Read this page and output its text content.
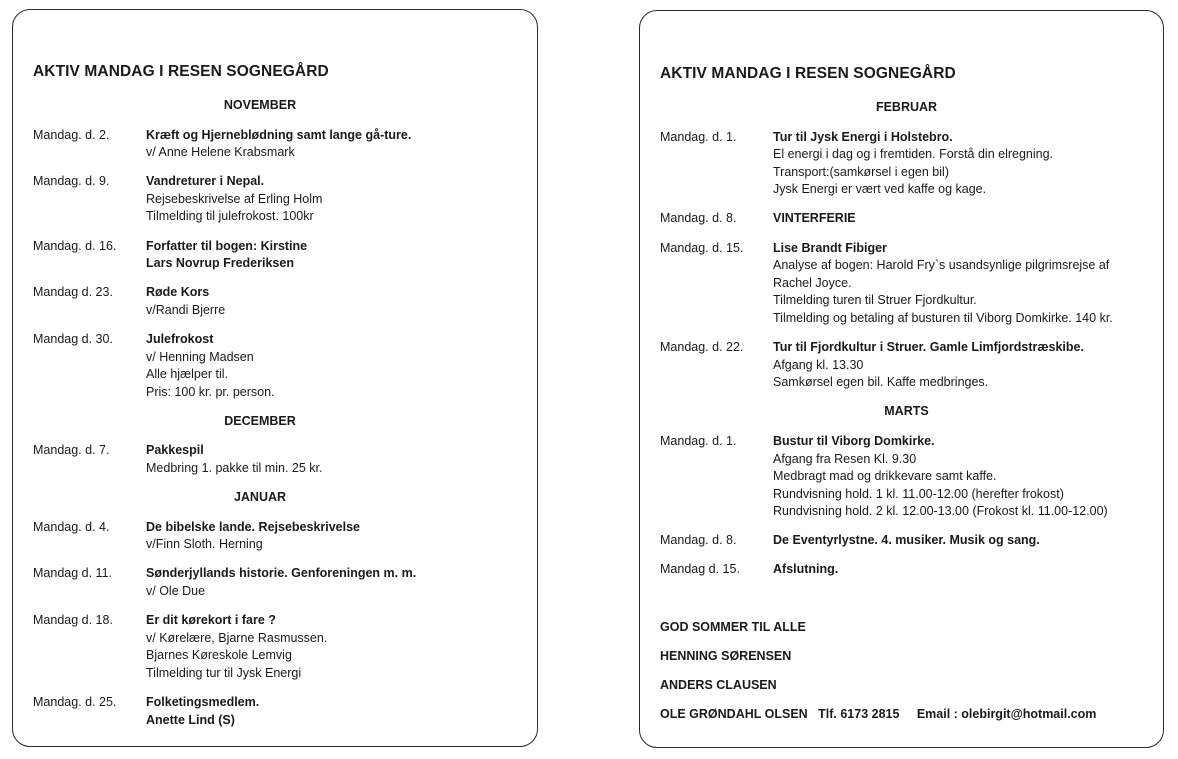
AKTIV MANDAG I RESEN SOGNEGÅRD
NOVEMBER
Mandag. d. 2.	Kræft og Hjerneblødning samt lange gå-ture.
v/ Anne Helene Krabsmark
Mandag. d. 9.	Vandreturer i Nepal.
Rejsebeskrivelse af Erling Holm
Tilmelding til julefrokost. 100kr
Mandag. d. 16.	Forfatter til bogen: Kirstine
Lars Novrup Frederiksen
Mandag d. 23.	Røde Kors
v/Randi Bjerre
Mandag d. 30.	Julefrokost
v/ Henning Madsen
Alle hjælper til.
Pris: 100 kr. pr. person.
DECEMBER
Mandag. d. 7.	Pakkespil
Medbring 1. pakke til min. 25 kr.
JANUAR
Mandag. d. 4.	De bibelske lande. Rejsebeskrivelse
v/Finn Sloth. Herning
Mandag d. 11.	Sønderjyllands historie. Genforeningen m. m.
v/ Ole Due
Mandag d. 18.	Er dit kørekort i fare ?
v/ Kørelære, Bjarne Rasmussen.
Bjarnes Køreskole Lemvig
Tilmelding tur til Jysk Energi
Mandag. d. 25.	Folketingsmedlem.
Anette Lind (S)
AKTIV MANDAG I RESEN SOGNEGÅRD
FEBRUAR
Mandag. d. 1.	Tur til Jysk Energi i Holstebro.
El energi i dag og i fremtiden. Forstå din elregning.
Transport:(samkørsel i egen bil)
Jysk Energi er vært ved kaffe og kage.
Mandag. d. 8.	VINTERFERIE
Mandag. d. 15.	Lise Brandt Fibiger
Analyse af bogen: Harold Fry`s usandsynlige pilgrimsrejse af
Rachel Joyce.
Tilmelding turen til Struer Fjordkultur.
Tilmelding og betaling af busturen til Viborg Domkirke. 140 kr.
Mandag. d. 22.	Tur til Fjordkultur i Struer. Gamle Limfjordstræskibe.
Afgang kl. 13.30
Samkørsel egen bil. Kaffe medbringes.
MARTS
Mandag. d. 1.	Bustur til Viborg Domkirke.
Afgang fra Resen Kl. 9.30
Medbragt mad og drikkevare samt kaffe.
Rundvisning hold. 1 kl. 11.00-12.00 (herefter frokost)
Rundvisning hold. 2 kl. 12.00-13.00 (Frokost kl. 11.00-12.00)
Mandag. d. 8.	De Eventyrlystne. 4. musiker. Musik og sang.
Mandag d. 15.	Afslutning.
GOD SOMMER TIL ALLE
HENNING SØRENSEN
ANDERS CLAUSEN
OLE GRØNDAHL OLSEN Tlf. 6173 2815 Email : olebirgit@hotmail.com
